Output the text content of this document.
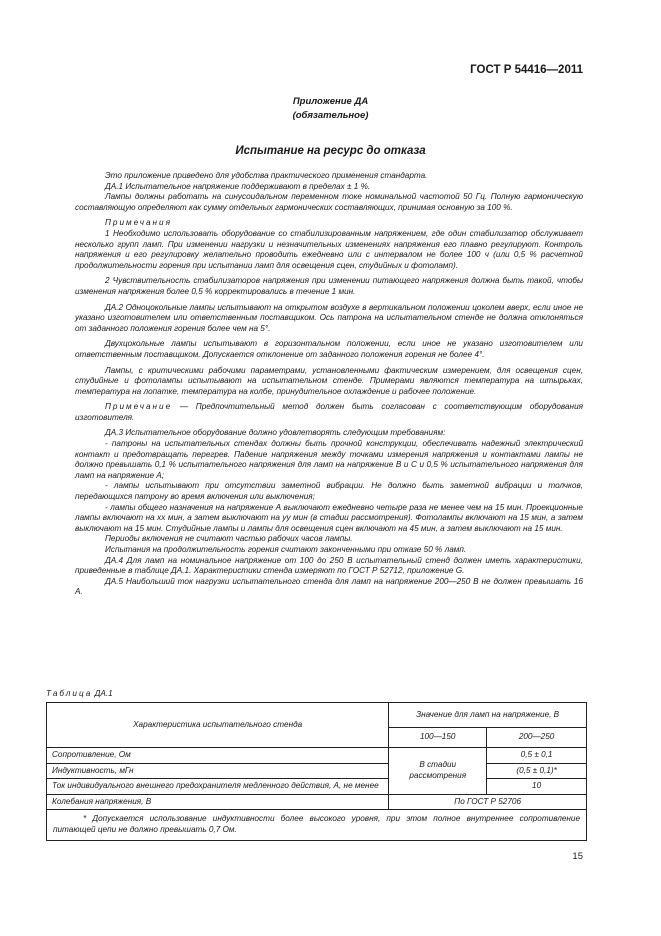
ГОСТ Р 54416—2011
Приложение ДА
(обязательное)
Испытание на ресурс до отказа

Это приложение приведено для удобства практического применения стандарта.

ДА.1 Испытательное напряжение поддерживают в пределах ± 1 %.

Лампы должны работать на синусоидальном переменном токе номинальной частотой 50 Гц. Полную гармоническую составляющую определяют как сумму отдельных гармонических составляющих, принимая основную за 100 %.

Примечания

1 Необходимо использовать оборудование со стабилизированным напряжением, где один стабилизатор обслуживает несколько групп ламп. При изменении нагрузки и незначительных изменениях напряжения его плавно регулируют. Контроль напряжения и его регулировку желательно проводить ежедневно или с интервалом не более 100 ч (или 0,5 % расчетной продолжительности горения при испытании ламп для освещения сцен, студийных и фотоламп).

2 Чувствительность стабилизаторов напряжения при изменении питающего напряжения должна быть такой, чтобы изменения напряжения более 0,5 % корректировались в течение 1 мин.

ДА.2 Одноцокольные лампы испытывают на открытом воздухе в вертикальном положении цоколем вверх, если иное не указано изготовителем или ответственным поставщиком. Ось патрона на испытательном стенде не должна отклоняться от заданного положения горения более чем на 5°.

Двухцокольные лампы испытывают в горизонтальном положении, если иное не указано изготовителем или ответственным поставщиком. Допускается отклонение от заданного положения горения не более 4°.

Лампы, с критическими рабочими параметрами, установленными фактическим измерением, для освещения сцен, студийные и фотолампы испытывают на испытательном стенде. Примерами являются температура на штырьках, температура на лопатке, температура на колбе, принудительное охлаждение и рабочее положение.

Примечание — Предпочтительный метод должен быть согласован с соответствующим оборудования изготовителя.

ДА.3 Испытательное оборудование должно удовлетворять следующим требованиям:

- патроны на испытательных стендах должны быть прочной конструкции, обеспечивать надежный электрический контакт и предотвращать перегрев. Падение напряжения между точками измерения напряжения и контактами лампы не должно превышать 0,1 % испытательного напряжения для ламп на напряжение В и С и 0,5 % испытательного напряжения для ламп на напряжение А;

- лампы испытывают при отсутствии заметной вибрации. Не должно быть заметной вибрации и толчков, передающихся патрону во время включения или выключения;

- лампы общего назначения на напряжение А выключают ежедневно четыре раза не менее чем на 15 мин. Проекционные лампы включают на хх мин, а затем выключают на уу мин (в стадии рассмотрения). Фотолампы включают на 15 мин, а затем выключают на 15 мин. Студийные лампы и лампы для освещения сцен включают на 45 мин, а затем выключают на 15 мин.

Периоды включения не считают частью рабочих часов лампы.

Испытания на продолжительность горения считают законченными при отказе 50 % ламп.

ДА.4 Для ламп на номинальное напряжение от 100 до 250 В испытательный стенд должен иметь характеристики, приведенные в таблице ДА.1. Характеристики стенда измеряют по ГОСТ Р 52712, приложение G.

ДА.5 Наибольший ток нагрузки испытательного стенда для ламп на напряжение 200—250 В не должен превышать 16 А.

Таблица ДА.1
Характеристика испытательного стенда	Значение для ламп на напряжение, В	
	100—150	200—250
Сопротивление, Ом	В стадии рассмотрения	0,5 ± 0,1
Индуктивность, мГн		(0,5 ± 0,1)*
Ток индивидуального внешнего предохранителя медленного действия, А, не менее		10
Колебания напряжения, В	По ГОСТ Р 52706	
* Допускается использование индуктивности более высокого уровня, при этом полное внутреннее сопротивление питающей цепи не должно превышать 0,7 Ом.		
15
